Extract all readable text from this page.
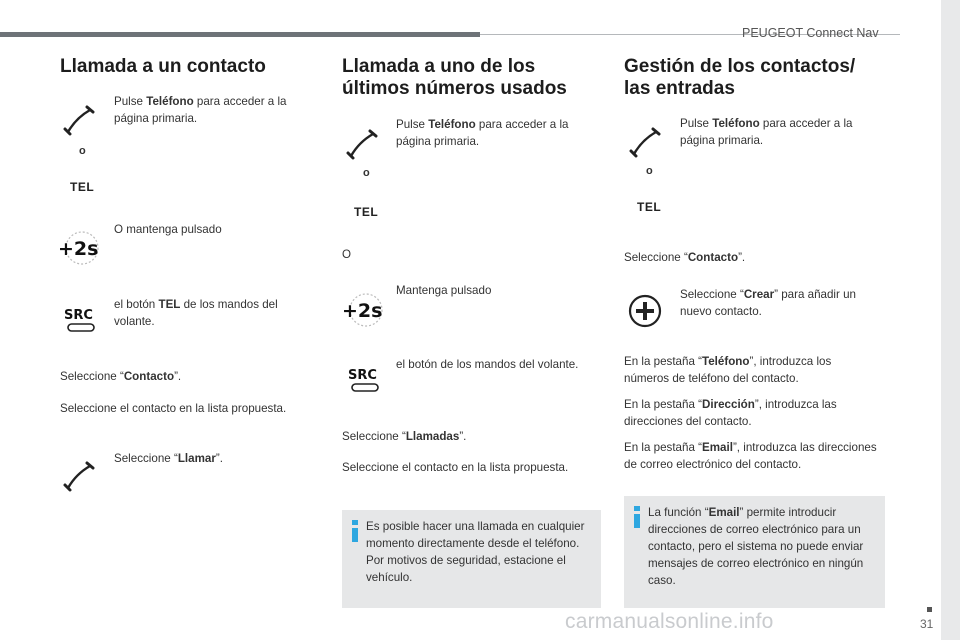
PEUGEOT Connect Nav
31
carmanualsonline.info
Llamada a un contacto
o
TEL
Pulse Teléfono para acceder a la página primaria.
+2s
O mantenga pulsado
SRC
el botón TEL de los mandos del volante.
Seleccione “Contacto”.
Seleccione el contacto en la lista propuesta.
Seleccione “Llamar”.
Llamada a uno de los últimos números usados
o
TEL
Pulse Teléfono para acceder a la página primaria.
O
+2s
Mantenga pulsado
SRC
el botón de los mandos del volante.
Seleccione “Llamadas”.
Seleccione el contacto en la lista propuesta.
Es posible hacer una llamada en cualquier momento directamente desde el teléfono. Por motivos de seguridad, estacione el vehículo.
Gestión de los contactos/ las entradas
o
TEL
Pulse Teléfono para acceder a la página primaria.
Seleccione “Contacto”.
Seleccione “Crear” para añadir un nuevo contacto.
En la pestaña “Teléfono”, introduzca los números de teléfono del contacto.
En la pestaña “Dirección”, introduzca las direcciones del contacto.
En la pestaña “Email”, introduzca las direcciones de correo electrónico del contacto.
La función “Email” permite introducir direcciones de correo electrónico para un contacto, pero el sistema no puede enviar mensajes de correo electrónico en ningún caso.
